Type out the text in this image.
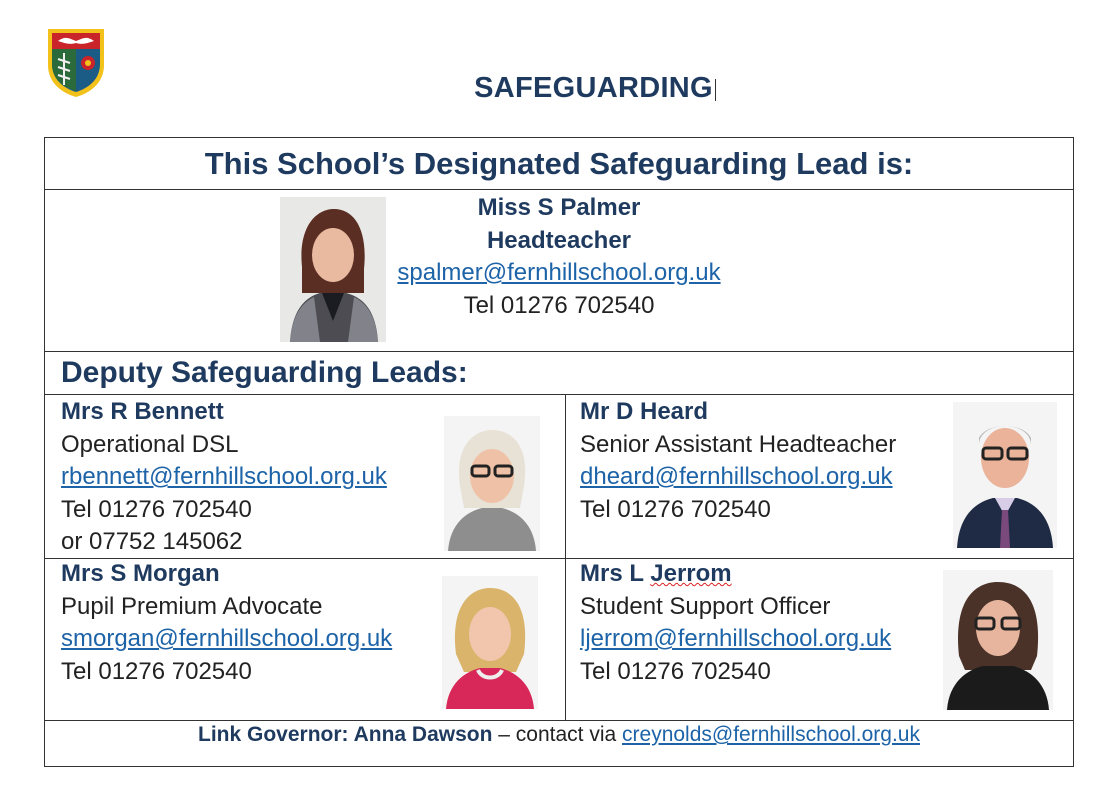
SAFEGUARDING
This School’s Designated Safeguarding Lead is:
Miss S Palmer
Headteacher
spalmer@fernhillschool.org.uk
Tel 01276 702540
Deputy Safeguarding Leads:
Mrs R Bennett
Operational DSL
rbennett@fernhillschool.org.uk
Tel 01276 702540
or 07752 145062
Mr D Heard
Senior Assistant Headteacher
dheard@fernhillschool.org.uk
Tel 01276 702540
Mrs S Morgan
Pupil Premium Advocate
smorgan@fernhillschool.org.uk
Tel 01276 702540
Mrs L Jerrom
Student Support Officer
ljerrom@fernhillschool.org.uk
Tel 01276 702540
Link Governor: Anna Dawson – contact via creynolds@fernhillschool.org.uk
